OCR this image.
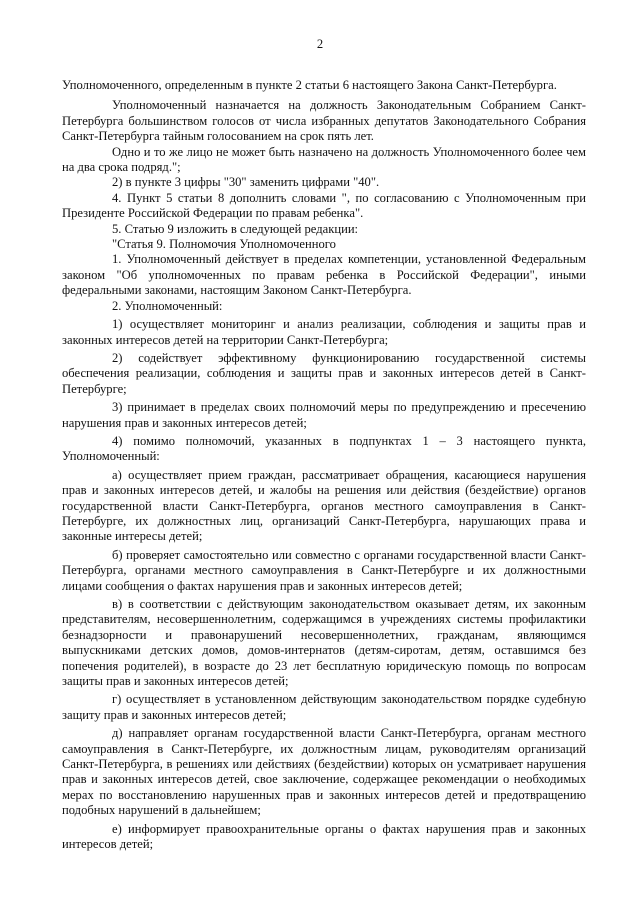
2

Уполномоченного, определенным в пункте 2 статьи 6 настоящего Закона Санкт-Петербурга.

Уполномоченный назначается на должность Законодательным Собранием Санкт-Петербурга большинством голосов от числа избранных депутатов Законодательного Собрания Санкт-Петербурга тайным голосованием на срок пять лет.

Одно и то же лицо не может быть назначено на должность Уполномоченного более чем на два срока подряд.";

2) в пункте 3 цифры "30" заменить цифрами "40".

4. Пункт 5 статьи 8 дополнить словами ", по согласованию с Уполномоченным при Президенте Российской Федерации по правам ребенка".

5. Статью 9 изложить в следующей редакции:

"Статья 9. Полномочия Уполномоченного

1. Уполномоченный действует в пределах компетенции, установленной Федеральным законом "Об уполномоченных по правам ребенка в Российской Федерации", иными федеральными законами, настоящим Законом Санкт-Петербурга.

2. Уполномоченный:

1) осуществляет мониторинг и анализ реализации, соблюдения и защиты прав и законных интересов детей на территории Санкт-Петербурга;

2) содействует эффективному функционированию государственной системы обеспечения реализации, соблюдения и защиты прав и законных интересов детей в Санкт-Петербурге;

3) принимает в пределах своих полномочий меры по предупреждению и пресечению нарушения прав и законных интересов детей;

4) помимо полномочий, указанных в подпунктах 1 – 3 настоящего пункта, Уполномоченный:

а) осуществляет прием граждан, рассматривает обращения, касающиеся нарушения прав и законных интересов детей, и жалобы на решения или действия (бездействие) органов государственной власти Санкт-Петербурга, органов местного самоуправления в Санкт-Петербурге, их должностных лиц, организаций Санкт-Петербурга, нарушающих права и законные интересы детей;

б) проверяет самостоятельно или совместно с органами государственной власти Санкт-Петербурга, органами местного самоуправления в Санкт-Петербурге и их должностными лицами сообщения о фактах нарушения прав и законных интересов детей;

в) в соответствии с действующим законодательством оказывает детям, их законным представителям, несовершеннолетним, содержащимся в учреждениях системы профилактики безнадзорности и правонарушений несовершеннолетних, гражданам, являющимся выпускниками детских домов, домов-интернатов (детям-сиротам, детям, оставшимся без попечения родителей), в возрасте до 23 лет бесплатную юридическую помощь по вопросам защиты прав и законных интересов детей;

г) осуществляет в установленном действующим законодательством порядке судебную защиту прав и законных интересов детей;

д) направляет органам государственной власти Санкт-Петербурга, органам местного самоуправления в Санкт-Петербурге, их должностным лицам, руководителям организаций Санкт-Петербурга, в решениях или действиях (бездействии) которых он усматривает нарушения прав и законных интересов детей, свое заключение, содержащее рекомендации о необходимых мерах по восстановлению нарушенных прав и законных интересов детей и предотвращению подобных нарушений в дальнейшем;

е) информирует правоохранительные органы о фактах нарушения прав и законных интересов детей;
